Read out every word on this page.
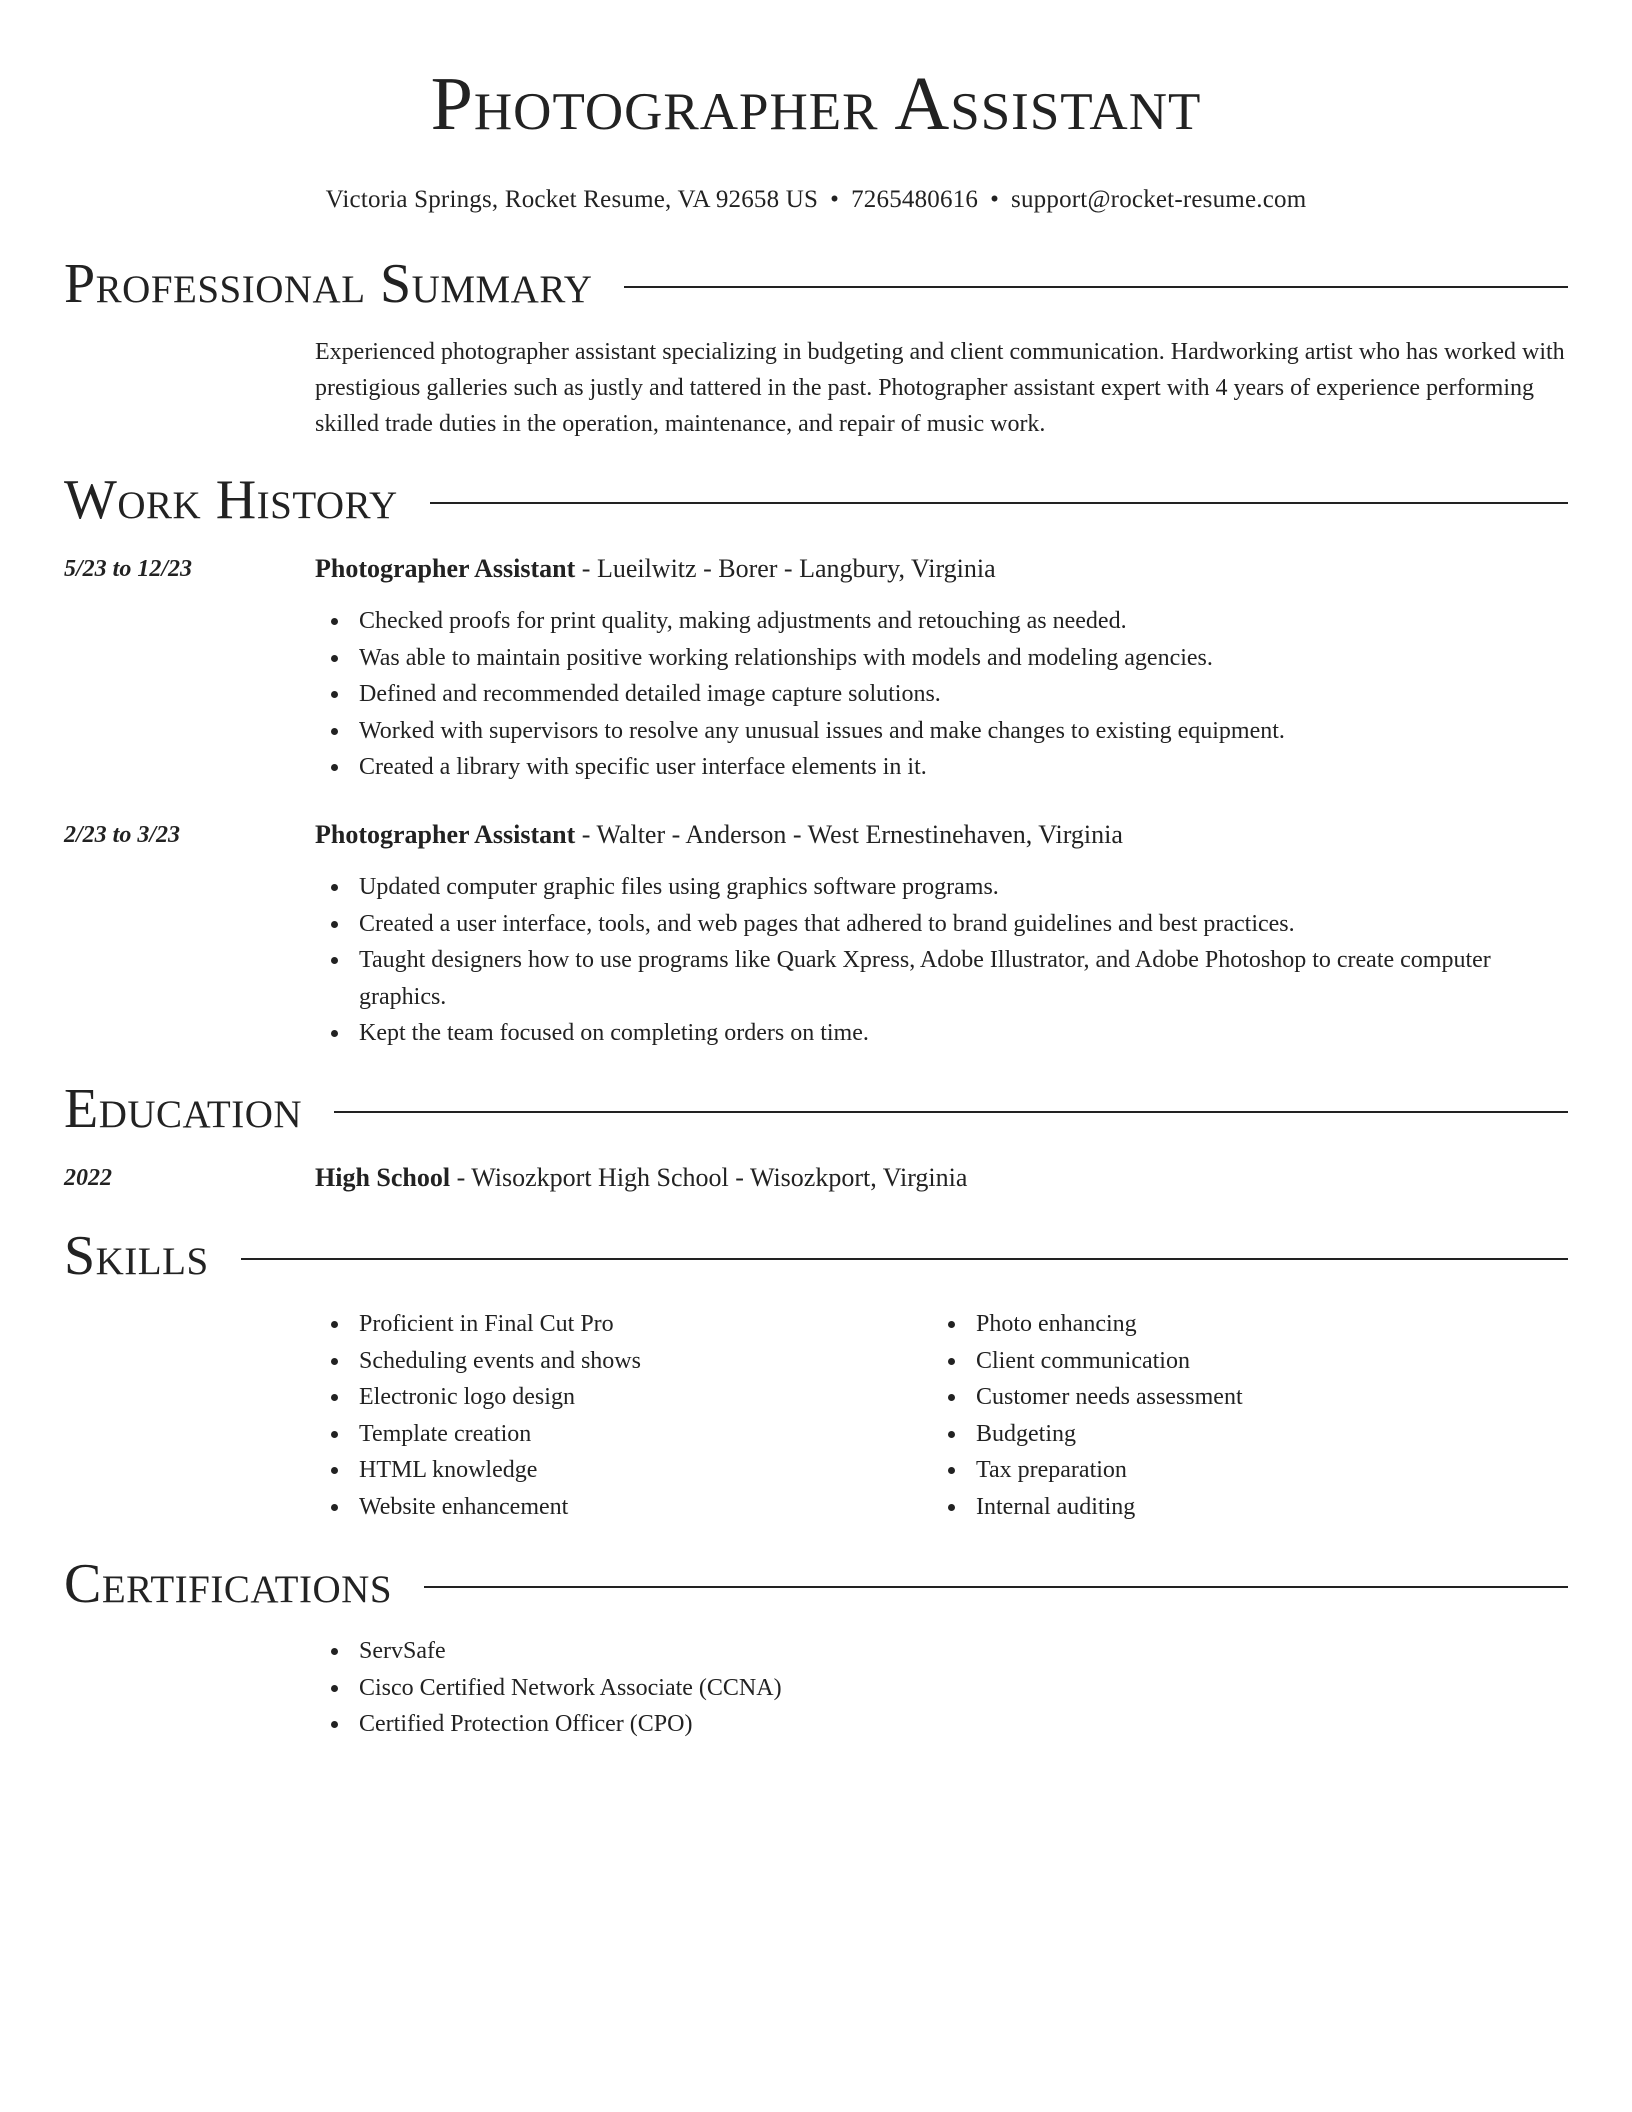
Photographer Assistant
Victoria Springs, Rocket Resume, VA 92658 US • 7265480616 • support@rocket-resume.com
Professional Summary
Experienced photographer assistant specializing in budgeting and client communication. Hardworking artist who has worked with prestigious galleries such as justly and tattered in the past. Photographer assistant expert with 4 years of experience performing skilled trade duties in the operation, maintenance, and repair of music work.
Work History
5/23 to 12/23	Photographer Assistant - Lueilwitz - Borer - Langbury, Virginia
Checked proofs for print quality, making adjustments and retouching as needed.
Was able to maintain positive working relationships with models and modeling agencies.
Defined and recommended detailed image capture solutions.
Worked with supervisors to resolve any unusual issues and make changes to existing equipment.
Created a library with specific user interface elements in it.
2/23 to 3/23	Photographer Assistant - Walter - Anderson - West Ernestinehaven, Virginia
Updated computer graphic files using graphics software programs.
Created a user interface, tools, and web pages that adhered to brand guidelines and best practices.
Taught designers how to use programs like Quark Xpress, Adobe Illustrator, and Adobe Photoshop to create computer graphics.
Kept the team focused on completing orders on time.
Education
2022	High School - Wisozkport High School - Wisozkport, Virginia
Skills
Proficient in Final Cut Pro
Scheduling events and shows
Electronic logo design
Template creation
HTML knowledge
Website enhancement
Photo enhancing
Client communication
Customer needs assessment
Budgeting
Tax preparation
Internal auditing
Certifications
ServSafe
Cisco Certified Network Associate (CCNA)
Certified Protection Officer (CPO)
